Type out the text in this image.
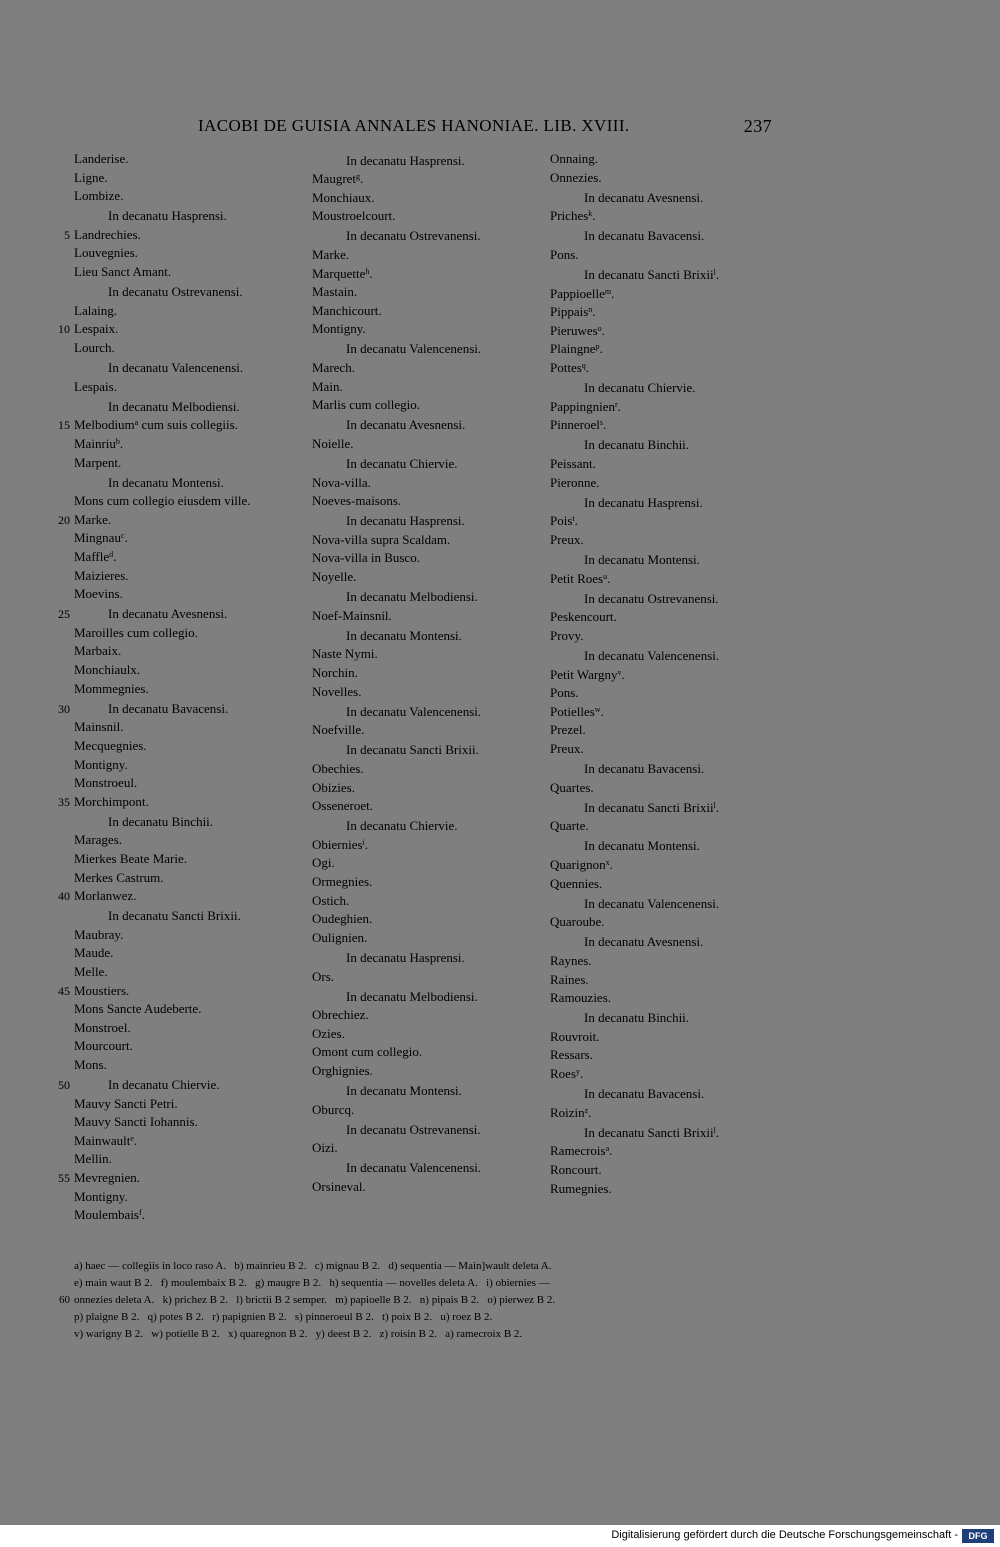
IACOBI DE GUISIA ANNALES HANONIAE. LIB. XVIII.	237
Landerise.
Ligne.
Lombize.
In decanatu Hasprensi.
5 Landrechies.
Louvegnies.
Lieu Sanct Amant.
In decanatu Ostrevanensi.
Lalaing.
10 Lespaix.
Lourch.
In decanatu Valencenensi.
Lespais.
In decanatu Melbodiensi.
15 Melbodium$^a$ cum suis collegiis.
Mainriu$^b$.
Marpent.
In decanatu Montensi.
Mons cum collegio eiusdem ville.
20 Marke.
Mingnau$^c$.
Maffle$^d$.
Maizieres.
Moevins.
25	In decanatu Avesnensi.
Maroilles cum collegio.
Marbaix.
Monchiaulx.
Mommegnies.
30	In decanatu Bavacensi.
Mainsnil.
Mecquegnies.
Montigny.
Monstroeul.
35 Morchimpont.
In decanatu Binchii.
Marages.
Mierkes Beate Marie.
Merkes Castrum.
40 Morlanwez.
In decanatu Sancti Brixii.
Maubray.
Maude.
Melle.
45 Moustiers.
Mons Sancte Audeberte.
Monstroel.
Mourcourt.
Mons.
50	In decanatu Chiervie.
Mauvy Sancti Petri.
Mauvy Sancti Iohannis.
Mainwault$^e$.
Mellin.
55 Mevregnien.
Montigny.
Moulembais$^f$.
In decanatu Hasprensi.
Maugret$^g$.
Monchiaux.
Moustroelcourt.
In decanatu Ostrevanensi.
Marke.
Marquette$^h$.
Mastain.
Manchicourt.
Montigny.
In decanatu Valencenensi.
Marech.
Main.
Marlis cum collegio.
In decanatu Avesnensi.
Noielle.
In decanatu Chiervie.
Nova-villa.
Noeves-maisons.
In decanatu Hasprensi.
Nova-villa supra Scaldam.
Nova-villa in Busco.
Noyelle.
In decanatu Melbodiensi.
Noef-Mainsnil.
In decanatu Montensi.
Naste Nymi.
Norchin.
Novelles.
In decanatu Valencenensi.
Noefville.
In decanatu Sancti Brixii.
Obechies.
Obizies.
Osseneroet.
In decanatu Chiervie.
Obiernies$^i$.
Ogi.
Ormegnies.
Ostich.
Oudeghien.
Oulignien.
In decanatu Hasprensi.
Ors.
In decanatu Melbodiensi.
Obrechiez.
Ozies.
Omont cum collegio.
Orghignies.
In decanatu Montensi.
Oburcq.
In decanatu Ostrevanensi.
Oizi.
In decanatu Valencenensi.
Orsineval.
Onnaing.
Onnezies.
In decanatu Avesnensi.
Priches$^k$.
In decanatu Bavacensi.
Pons.
In decanatu Sancti Brixii$^l$.
Pappioelle$^m$.
Pippais$^n$.
Pieruwes$^o$.
Plaingne$^p$.
Pottes$^q$.
In decanatu Chiervie.
Pappingnien$^r$.
Pinneroel$^s$.
In decanatu Binchii.
Peissant.
Pieronne.
In decanatu Hasprensi.
Pois$^t$.
Preux.
In decanatu Montensi.
Petit Roes$^u$.
In decanatu Ostrevanensi.
Peskencourt.
Provy.
In decanatu Valencenensi.
Petit Wargny$^v$.
Pons.
Potielles$^w$.
Prezel.
Preux.
In decanatu Bavacensi.
Quartes.
In decanatu Sancti Brixii$^l$.
Quarte.
In decanatu Montensi.
Quarignon$^x$.
Quennies.
In decanatu Valencenensi.
Quaroube.
In decanatu Avesnensi.
Raynes.
Raines.
Ramouzies.
In decanatu Binchii.
Rouvroit.
Ressars.
Roes$^y$.
In decanatu Bavacensi.
Roizin$^z$.
In decanatu Sancti Brixii$^l$.
Ramecrois$^a$.
Roncourt.
Rumegnies.
a) haec — collegiis in loco raso A.   b) mainrieu B 2.   c) mignau B 2.   d) sequentia — Main]wault deleta A.
e) main waut B 2.   f) moulembaix B 2.   g) maugre B 2.   h) sequentia — novelles deleta A.   i) obiernies —
60 onnezies deleta A.   k) prichez B 2.   l) brictii B 2 semper.   m) papioelle B 2.   n) pipais B 2.   o) pierwez B 2.
p) plaigne B 2.   q) potes B 2.   r) papignien B 2.   s) pinneroeul B 2.   t) poix B 2.   u) roez B 2.
v) warigny B 2.   w) potielle B 2.   x) quaregnon B 2.   y) deest B 2.   z) roisin B 2.   a) ramecroix B 2.
Digitalisierung gefördert durch die Deutsche Forschungsgemeinschaft -	DFG
